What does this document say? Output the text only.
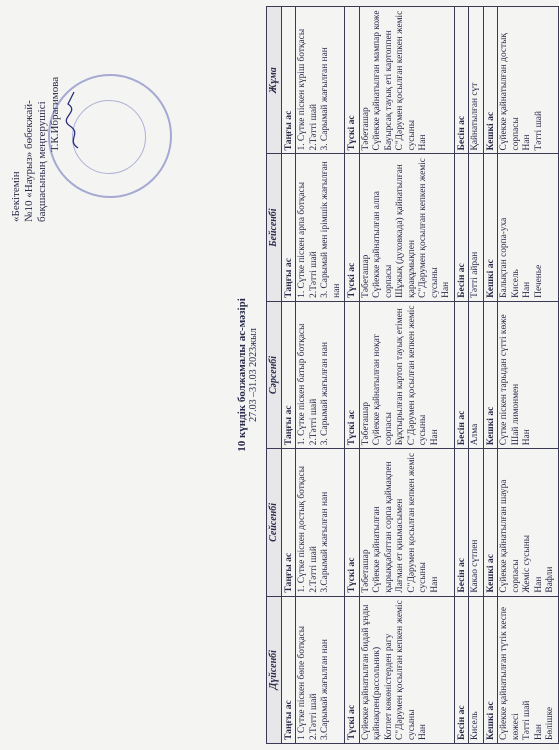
«Бекітемін №10 «Наурыз» бөбекжай- бақшасының меңгерушісі Т.К.Ибрагимова
10 күндік болжамалы ас-мәзірі 27.03 –31.03 2023жыл
Дүйсенбі	Сейсенбі	Сәрсенбі	Бейсенбі	Жұма
Таңғы ас	Таңғы ас	Таңғы ас	Таңғы ас	Таңғы ас

1 Сүтке піскен бөпе ботқасы 2.Тәтті шай 3.Сарымай жағылған нан	1. Сүтке піскен достық ботқасы 2.Тәтті шай 3.Сарымай жағылған нан	1. Сүтке піскен батыр ботқасы 2.Тәтті шай 3. Сарымай жағылған нан	1. Сүтке піскен арпа ботқасы 2.Тәтті шай 3. Сарымай мен ірімшік жағылған нан	1. Сүтке піскен күріш ботқасы 2.Тәтті шай 3. Сарымай жағылған нан

Түскі ас	Түскі ас	Түскі ас	Түскі ас	Түскі ас

Сүйекке қайнатылған бидай ұнды қайнақпен(рассольник) Котлет көкөністерден рагу С"Дәрумен қосылған кепкен жеміс сусыны Нан	Тәбеташар Сүйекке қайнатылған қырыққабаттан сорпа қаймақпен Лағман ет қиымасымен С"Дәрумен қосылған кепкен жеміс сусыны Нан	Тәбеташар Сүйекке қайнатылған ноқат сорпасы Бұқтырылған картоп тауық етімен С"Дәрумен қосылған кепкен жеміс сусыны Нан	Тәбеташар Сүйекке қайнатылған алпа сорпасы Шұжық (духовкада) қайнатылған қарақұмықпен С"Дәрумен қосылған кепкен жеміс сусыны Нан	Тәбеташар Сүйекке қайнатылған мампар кожe Бауырсақ тауық еті картоппен С"Дәрумен қосылған кепкен жеміс сусыны Нан

Бесін ас	Бесін ас	Бесін ас	Бесін ас	Бесін ас
Кисель	Какао сүтпен	Алма	Тәтті айран	Қайнатылған сүт
Кешкі ас	Кешкі ас	Кешкі ас	Кешкі ас	Кешкі ас

Сүйекке қайнатылған түтік кеспе көжесі Тәтті шай Нан Бөлішке	Сүйекке қайнатылған шаурa сорпасы Жеміс сусыны Нан Вафли	Сүтке піскен тарыдан сүтті көже Шай лимонмен Нан	Балықтан сорпа-уха Кисель Нан Печенье	Сүйекке қайнатылған достық сорпасы Нан Тәтті шай
